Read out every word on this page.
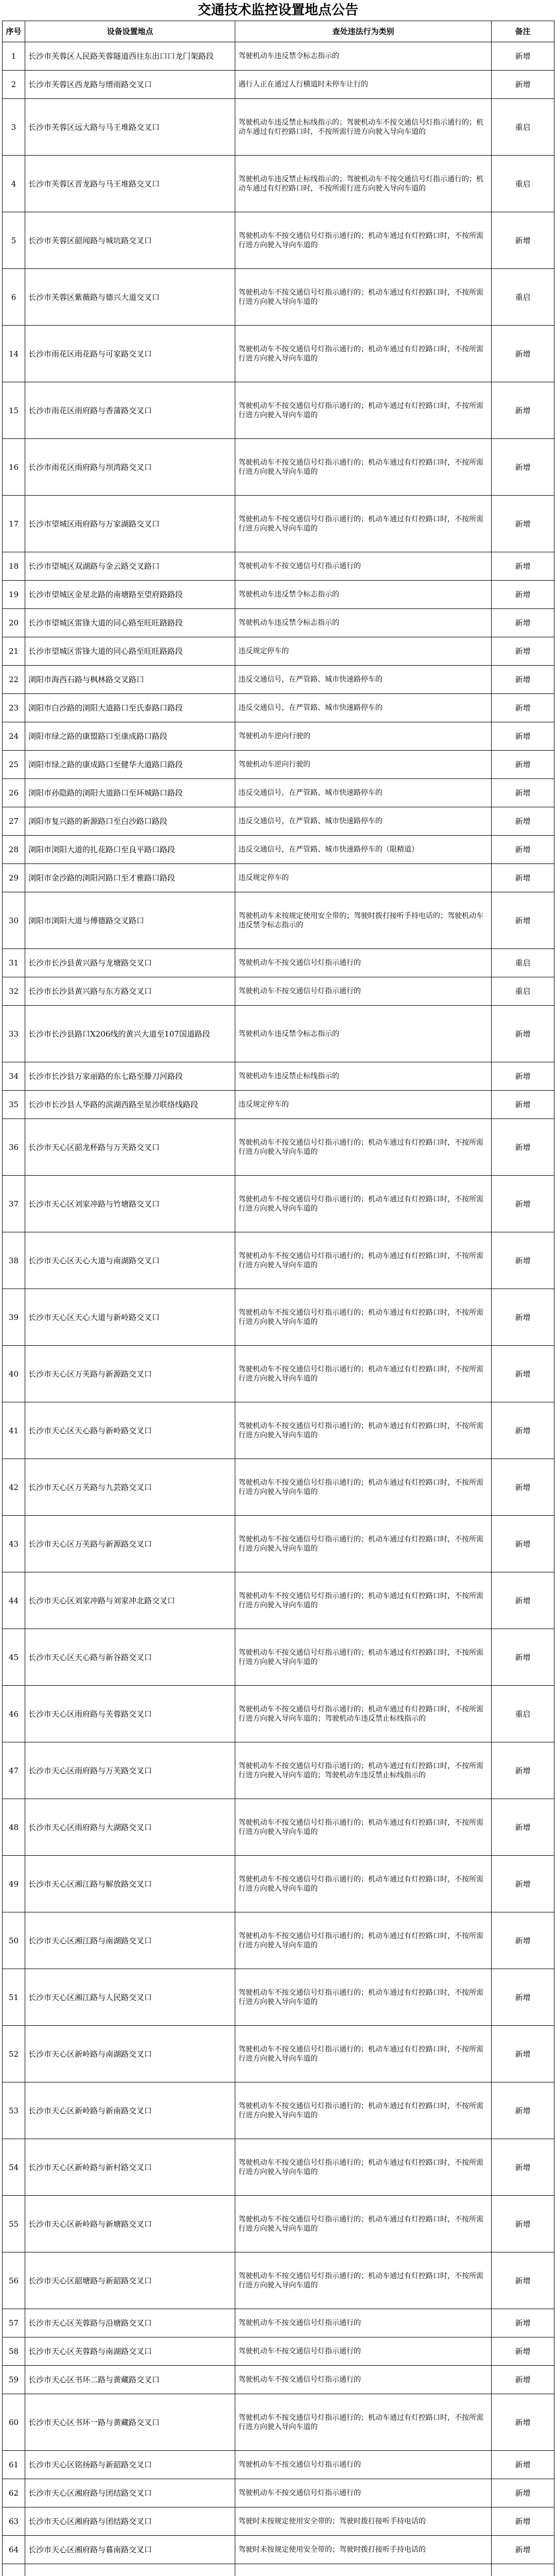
交通技术监控设置地点公告
序号	设备设置地点	查处违法行为类别	备注
1	长沙市芙蓉区人民路芙蓉隧道西往东出口口龙门架路段	驾驶机动车违反禁令标志指示的	新增
2	长沙市芙蓉区西龙路与缙雨路交叉口	遇行人正在通过人行横道时未停车让行的	新增
3	长沙市芙蓉区远大路与马王堆路交叉口	驾驶机动车违反禁止标线指示的；驾驶机动车不按交通信号灯指示通行的；机动车通过有灯控路口时，不按所需行进方向驶入导向车道的	重启
4	长沙市芙蓉区晋龙路与马王堆路交叉口	驾驶机动车违反禁止标线指示的；驾驶机动车不按交通信号灯指示通行的；机动车通过有灯控路口时，不按所需行进方向驶入导向车道的	重启
5	长沙市芙蓉区韶闻路与城坑路交叉口	驾驶机动车不按交通信号灯指示通行的；机动车通过有灯控路口时，不按所需行进方向驶入导向车道的	新增
6	长沙市芙蓉区紫薇路与德兴大道交叉口	驾驶机动车不按交通信号灯指示通行的；机动车通过有灯控路口时，不按所需行进方向驶入导向车道的	重启
14	长沙市雨花区雨花路与可家路交叉口	驾驶机动车不按交通信号灯指示通行的；机动车通过有灯控路口时，不按所需行进方向驶入导向车道的	新增
15	长沙市雨花区雨府路与香蒲路交叉口	驾驶机动车不按交通信号灯指示通行的；机动车通过有灯控路口时，不按所需行进方向驶入导向车道的	新增
16	长沙市雨花区雨府路与坝湾路交叉口	驾驶机动车不按交通信号灯指示通行的；机动车通过有灯控路口时，不按所需行进方向驶入导向车道的	新增
17	长沙市望城区雨府路与万家湖路交叉口	驾驶机动车不按交通信号灯指示通行的；机动车通过有灯控路口时，不按所需行进方向驶入导向车道的	新增
18	长沙市望城区双湖路与金云路交叉路口	驾驶机动车不按交通信号灯指示通行的	新增
19	长沙市望城区金星北路的南塘路至望府路路段	驾驶机动车违反禁令标志指示的	新增
20	长沙市望城区雷锋大道的同心路至旺旺路路段	驾驶机动车违反禁令标志指示的	新增
21	长沙市望城区雷锋大道的同心路至旺旺路路段	违反规定停车的	新增
22	浏阳市海西石路与枫林路交叉路口	违反交通信号，在严管路、城市快速路停车的	新增
23	浏阳市白沙路的浏阳大道路口至氏泰路口路段	违反交通信号，在严管路、城市快速路停车的	新增
24	浏阳市绿之路的康盟路口至康成路口路段	驾驶机动车逆向行驶的	新增
25	浏阳市绿之路的康成路口至健华大道路口路段	驾驶机动车逆向行驶的	新增
26	浏阳市孙隐路的浏阳大道路口至环城路口路段	违反交通信号，在严管路、城市快速路停车的	新增
27	浏阳市复兴路的新源路口至白沙路口路段	违反交通信号，在严管路、城市快速路停车的	新增
28	浏阳市浏阳大道的扎花路口至良平路口路段	违反交通信号，在严管路、城市快速路停车的（限精道）	新增
29	浏阳市金沙路的浏阳河路口至才雅路口路段	违反规定停车的	新增
30	浏阳市浏阳大道与傅德路交叉路口	驾驶机动车未按规定使用安全带的；驾驶时拨打接听手持电话的；驾驶机动车违反禁令标志指示的	新增
31	长沙市长沙县黄兴路与龙塘路交叉口	驾驶机动车不按交通信号灯指示通行的	重启
32	长沙市长沙县黄兴路与东方路交叉口	驾驶机动车不按交通信号灯指示通行的	重启
33	长沙市长沙县路口X206线的黄兴大道至107国道路段	驾驶机动车违反禁令标志指示的	新增
34	长沙市长沙县万家丽路的东七路至滕刀河路段	驾驶机动车违反禁止标线指示的	新增
35	长沙市长沙县人华路的滨湖西路至星沙联络线路段	违反规定停车的	新增
36	长沙市天心区韶龙杯路与万芙路交叉口	驾驶机动车不按交通信号灯指示通行的；机动车通过有灯控路口时，不按所需行进方向驶入导向车道的	新增
37	长沙市天心区刘家冲路与竹塘路交叉口	驾驶机动车不按交通信号灯指示通行的；机动车通过有灯控路口时，不按所需行进方向驶入导向车道的	新增
38	长沙市天心区天心大道与南湖路交叉口	驾驶机动车不按交通信号灯指示通行的；机动车通过有灯控路口时，不按所需行进方向驶入导向车道的	新增
39	长沙市天心区天心大道与新岭路交叉口	驾驶机动车不按交通信号灯指示通行的；机动车通过有灯控路口时，不按所需行进方向驶入导向车道的	新增
40	长沙市天心区万芙路与新源路交叉口	驾驶机动车不按交通信号灯指示通行的；机动车通过有灯控路口时，不按所需行进方向驶入导向车道的	新增
41	长沙市天心区天心路与新岭路交叉口	驾驶机动车不按交通信号灯指示通行的；机动车通过有灯控路口时，不按所需行进方向驶入导向车道的	新增
42	长沙市天心区万芙路与九芸路交叉口	驾驶机动车不按交通信号灯指示通行的；机动车通过有灯控路口时，不按所需行进方向驶入导向车道的	新增
43	长沙市天心区万芙路与新源路交叉口	驾驶机动车不按交通信号灯指示通行的；机动车通过有灯控路口时，不按所需行进方向驶入导向车道的	新增
44	长沙市天心区刘家冲路与刘家冲北路交叉口	驾驶机动车不按交通信号灯指示通行的；机动车通过有灯控路口时，不按所需行进方向驶入导向车道的	新增
45	长沙市天心区天心路与新谷路交叉口	驾驶机动车不按交通信号灯指示通行的；机动车通过有灯控路口时，不按所需行进方向驶入导向车道的	新增
46	长沙市天心区雨府路与芙蓉路交叉口	驾驶机动车不按交通信号灯指示通行的；机动车通过有灯控路口时，不按所需行进方向驶入导向车道的；驾驶机动车违反禁止标线指示的	重启
47	长沙市天心区雨府路与万芙路交叉口	驾驶机动车不按交通信号灯指示通行的；机动车通过有灯控路口时，不按所需行进方向驶入导向车道的；驾驶机动车违反禁止标线指示的	新增
48	长沙市天心区雨府路与大湖路交叉口	驾驶机动车不按交通信号灯指示通行的；机动车通过有灯控路口时，不按所需行进方向驶入导向车道的	新增
49	长沙市天心区湘江路与解放路交叉口	驾驶机动车不按交通信号灯指示通行的；机动车通过有灯控路口时，不按所需行进方向驶入导向车道的	新增
50	长沙市天心区湘江路与南湖路交叉口	驾驶机动车不按交通信号灯指示通行的；机动车通过有灯控路口时，不按所需行进方向驶入导向车道的	新增
51	长沙市天心区湘江路与人民路交叉口	驾驶机动车不按交通信号灯指示通行的；机动车通过有灯控路口时，不按所需行进方向驶入导向车道的	新增
52	长沙市天心区新岭路与南湖路交叉口	驾驶机动车不按交通信号灯指示通行的；机动车通过有灯控路口时，不按所需行进方向驶入导向车道的	新增
53	长沙市天心区新岭路与新南路交叉口	驾驶机动车不按交通信号灯指示通行的；机动车通过有灯控路口时，不按所需行进方向驶入导向车道的	新增
54	长沙市天心区新岭路与新村路交叉口	驾驶机动车不按交通信号灯指示通行的；机动车通过有灯控路口时，不按所需行进方向驶入导向车道的	新增
55	长沙市天心区新岭路与新塘路交叉口	驾驶机动车不按交通信号灯指示通行的；机动车通过有灯控路口时，不按所需行进方向驶入导向车道的	新增
56	长沙市天心区韶塘路与新韶路交叉口	驾驶机动车不按交通信号灯指示通行的；机动车通过有灯控路口时，不按所需行进方向驶入导向车道的	新增
57	长沙市天心区芙蓉路与沿塘路交叉口	驾驶机动车不按交通信号灯指示通行的	新增
58	长沙市天心区芙蓉路与南湖路交叉口	驾驶机动车不按交通信号灯指示通行的	新增
59	长沙市天心区书环二路与黄藏路交叉口	驾驶机动车不按交通信号灯指示通行的	新增
60	长沙市天心区书环一路与黄藏路交叉口	驾驶机动车不按交通信号灯指示通行的；机动车通过有灯控路口时，不按所需行进方向驶入导向车道的	新增
61	长沙市天心区铭扬路与新韶路交叉口	驾驶机动车不按交通信号灯指示通行的	新增
62	长沙市天心区湘府路与团结路交叉口	驾驶机动车不按交通信号灯指示通行的	新增
63	长沙市天心区湘府路与团结路交叉口	驾驶时未按规定使用安全带的；驾驶时拨打接听手持电话的	新增
64	长沙市天心区湘府路与暮南路交叉口	驾驶时未按规定使用安全带的；驾驶时拨打接听手持电话的	新增
